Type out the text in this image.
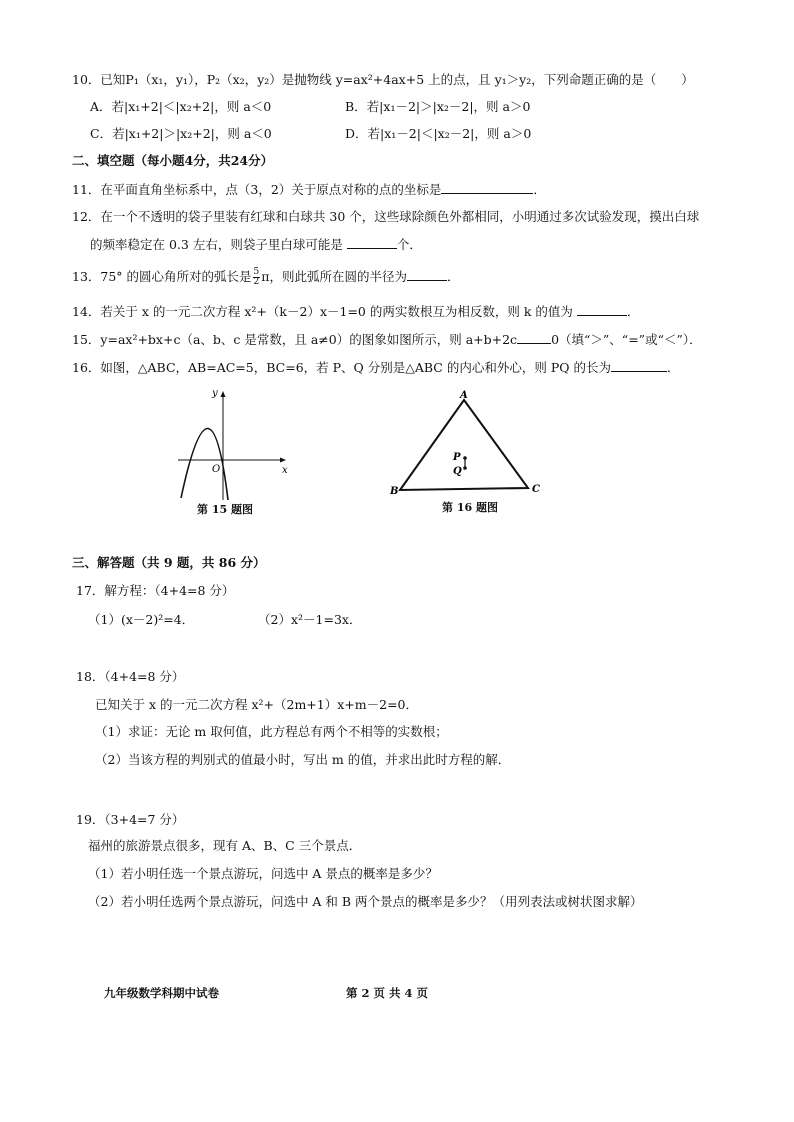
10．已知P₁（x₁，y₁），P₂（x₂，y₂）是抛物线 y=ax²+4ax+5 上的点，且 y₁＞y₂，下列命题正确的是（　　）
A．若|x₁+2|＜|x₂+2|，则 a＜0	B．若|x₁－2|＞|x₂－2|，则 a＞0
C．若|x₁+2|＞|x₂+2|，则 a＜0	D．若|x₁－2|＜|x₂－2|，则 a＞0
二、填空题（每小题4分，共24分）
11．在平面直角坐标系中，点（3，2）关于原点对称的点的坐标是	．
12．在一个不透明的袋子里装有红球和白球共 30 个，这些球除颜色外都相同，小明通过多次试验发现，摸出白球
的频率稳定在 0.3 左右，则袋子里白球可能是	个．
13．75° 的圆心角所对的弧长是 $\frac{5}{2}$ π，则此弧所在圆的半径为	．
14．若关于 x 的一元二次方程 x²+（k－2）x－1=0 的两实数根互为相反数，则 k 的值为	．
15．y=ax²+bx+c（a、b、c 是常数，且 a≠0）的图象如图所示，则 a+b+2c	0（填“＞”、“=”或“＜”）．
16．如图，△ABC，AB=AC=5，BC=6，若 P、Q 分别是△ABC 的内心和外心，则 PQ 的长为	．
y
x
O
第 15 题图
A
B	C
P
Q
第 16 题图
三、解答题（共 9 题，共 86 分）
17．解方程：（4+4=8 分）
（1）(x－2)²=4．	（2）x²－1=3x．
18．（4+4=8 分）
已知关于 x 的一元二次方程 x²+（2m+1）x+m－2=0．
（1）求证：无论 m 取何值，此方程总有两个不相等的实数根；
（2）当该方程的判别式的值最小时，写出 m 的值，并求出此时方程的解．
19．（3+4=7 分）
福州的旅游景点很多，现有 A、B、C 三个景点．
（1）若小明任选一个景点游玩，问选中 A 景点的概率是多少？
（2）若小明任选两个景点游玩，问选中 A 和 B 两个景点的概率是多少？（用列表法或树状图求解）
九年级数学科期中试卷	第 2 页 共 4 页
